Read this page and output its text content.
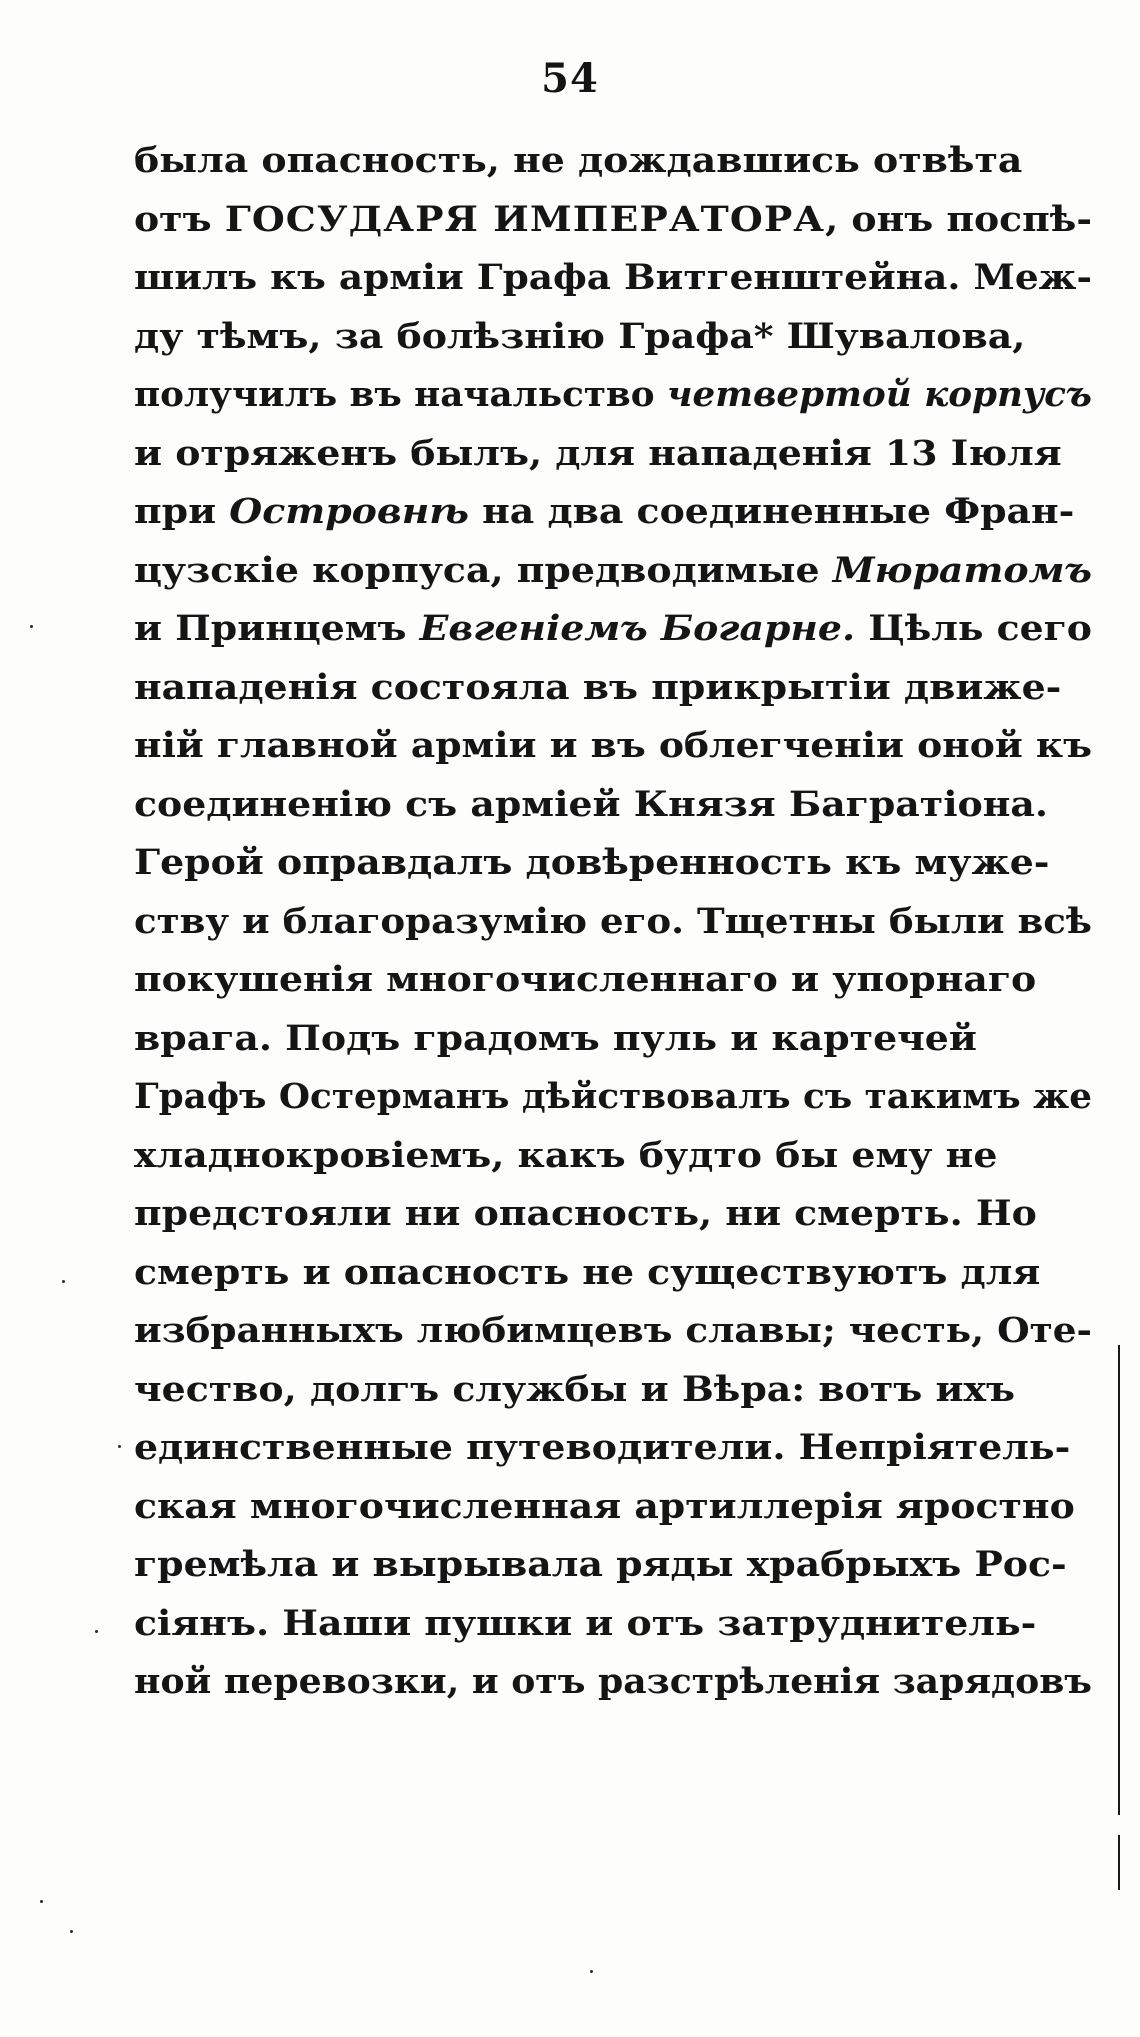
54
была опасность, не дождавшись отвѣта
отъ ГОСУДАРЯ ИМПЕРАТОРА, онъ поспѣ-
шилъ къ арміи Графа Витгенштейна. Меж-
ду тѣмъ, за болѣзнію Графа* Шувалова,
получилъ въ начальство четвертой корпусъ
и отряженъ былъ, для нападенія 13 Іюля
при Островнѣ на два соединенные Фран-
цузскіе корпуса, предводимые Мюратомъ
и Принцемъ Евгеніемъ Богарне. Цѣль сего
нападенія состояла въ прикрытіи движе-
ній главной арміи и въ облегченіи оной къ
соединенію съ арміей Князя Багратіона.
Герой оправдалъ довѣренность къ муже-
ству и благоразумію его. Тщетны были всѣ
покушенія многочисленнаго и упорнаго
врага. Подъ градомъ пуль и картечей
Графъ Остерманъ дѣйствовалъ съ такимъ же
хладнокровіемъ, какъ будто бы ему не
предстояли ни опасность, ни смерть. Но
смерть и опасность не существуютъ для
избранныхъ любимцевъ славы; честь, Оте-
чество, долгъ службы и Вѣра: вотъ ихъ
единственные путеводители. Непріятель-
ская многочисленная артиллерія яростно
гремѣла и вырывала ряды храбрыхъ Рос-
сіянъ. Наши пушки и отъ затруднитель-
ной перевозки, и отъ разстрѣленія зарядовъ
